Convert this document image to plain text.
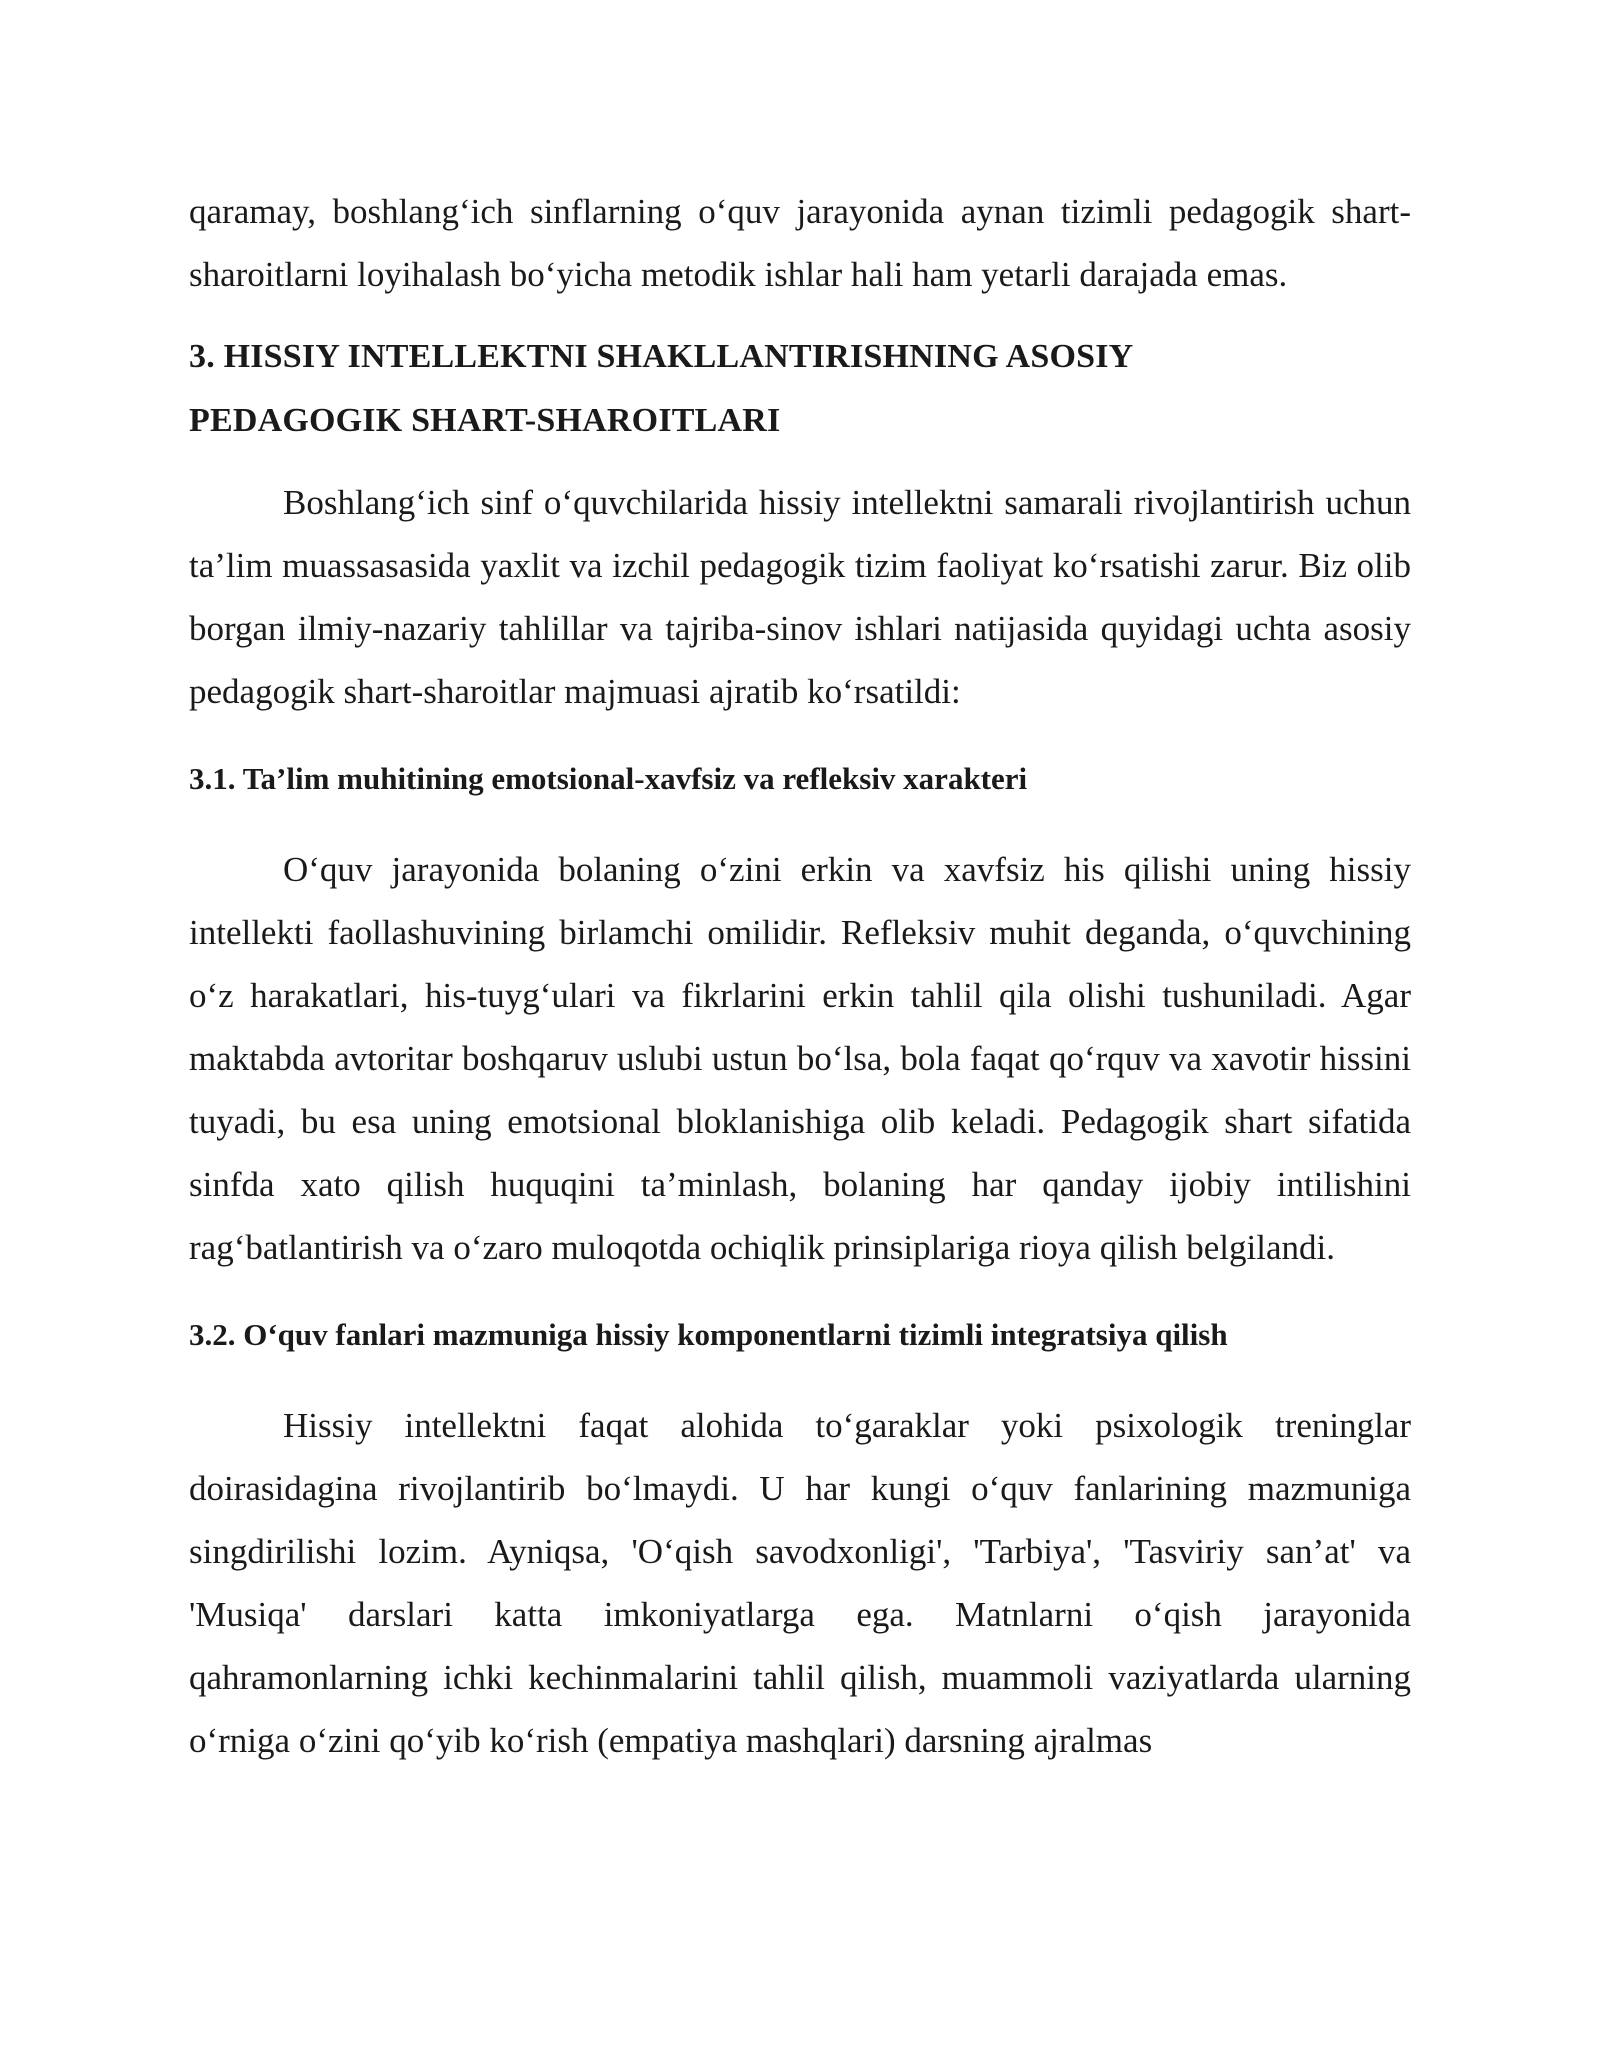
qaramay, boshlang‘ich sinflarning o‘quv jarayonida aynan tizimli pedagogik shart-sharoitlarni loyihalash bo‘yicha metodik ishlar hali ham yetarli darajada emas.

3. HISSIY INTELLEKTNI SHAKLLANTIRISHNING ASOSIY
PEDAGOGIK SHART-SHAROITLARI

Boshlang‘ich sinf o‘quvchilarida hissiy intellektni samarali rivojlantirish uchun ta’lim muassasasida yaxlit va izchil pedagogik tizim faoliyat ko‘rsatishi zarur. Biz olib borgan ilmiy-nazariy tahlillar va tajriba-sinov ishlari natijasida quyidagi uchta asosiy pedagogik shart-sharoitlar majmuasi ajratib ko‘rsatildi:

3.1. Ta’lim muhitining emotsional-xavfsiz va refleksiv xarakteri

O‘quv jarayonida bolaning o‘zini erkin va xavfsiz his qilishi uning hissiy intellekti faollashuvining birlamchi omilidir. Refleksiv muhit deganda, o‘quvchining o‘z harakatlari, his-tuyg‘ulari va fikrlarini erkin tahlil qila olishi tushuniladi. Agar maktabda avtoritar boshqaruv uslubi ustun bo‘lsa, bola faqat qo‘rquv va xavotir hissini tuyadi, bu esa uning emotsional bloklanishiga olib keladi. Pedagogik shart sifatida sinfda xato qilish huquqini ta’minlash, bolaning har qanday ijobiy intilishini rag‘batlantirish va o‘zaro muloqotda ochiqlik prinsiplariga rioya qilish belgilandi.

3.2. O‘quv fanlari mazmuniga hissiy komponentlarni tizimli integratsiya qilish

Hissiy intellektni faqat alohida to‘garaklar yoki psixologik treninglar doirasidagina rivojlantirib bo‘lmaydi. U har kungi o‘quv fanlarining mazmuniga singdirilishi lozim. Ayniqsa, 'O‘qish savodxonligi', 'Tarbiya', 'Tasviriy san’at' va 'Musiqa' darslari katta imkoniyatlarga ega. Matnlarni o‘qish jarayonida qahramonlarning ichki kechinmalarini tahlil qilish, muammoli vaziyatlarda ularning o‘rniga o‘zini qo‘yib ko‘rish (empatiya mashqlari) darsning ajralmas
